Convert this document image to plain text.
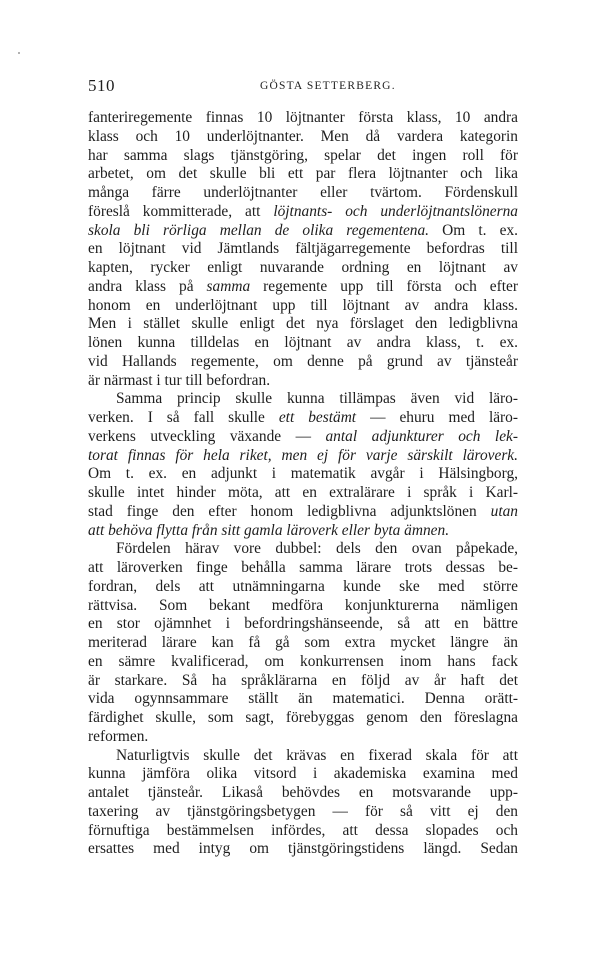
510	GÖSTA SETTERBERG.
fanteriregemente finnas 10 löjtnanter första klass, 10 andra
klass och 10 underlöjtnanter. Men då vardera kategorin
har samma slags tjänstgöring, spelar det ingen roll för
arbetet, om det skulle bli ett par flera löjtnanter och lika
många färre underlöjtnanter eller tvärtom. Fördenskull
föreslå kommitterade, att löjtnants- och underlöjtnantslönerna
skola bli rörliga mellan de olika regementena. Om t. ex.
en löjtnant vid Jämtlands fältjägarregemente befordras till
kapten, rycker enligt nuvarande ordning en löjtnant av
andra klass på samma regemente upp till första och efter
honom en underlöjtnant upp till löjtnant av andra klass.
Men i stället skulle enligt det nya förslaget den ledigblivna
lönen kunna tilldelas en löjtnant av andra klass, t. ex.
vid Hallands regemente, om denne på grund av tjänsteår
är närmast i tur till befordran.
Samma princip skulle kunna tillämpas även vid läro-
verken. I så fall skulle ett bestämt — ehuru med läro-
verkens utveckling växande — antal adjunkturer och lek-
torat finnas för hela riket, men ej för varje särskilt läroverk.
Om t. ex. en adjunkt i matematik avgår i Hälsingborg,
skulle intet hinder möta, att en extralärare i språk i Karl-
stad finge den efter honom ledigblivna adjunktslönen utan
att behöva flytta från sitt gamla läroverk eller byta ämnen.
Fördelen härav vore dubbel: dels den ovan påpekade,
att läroverken finge behålla samma lärare trots dessas be-
fordran, dels att utnämningarna kunde ske med större
rättvisa. Som bekant medföra konjunkturerna nämligen
en stor ojämnhet i befordringshänseende, så att en bättre
meriterad lärare kan få gå som extra mycket längre än
en sämre kvalificerad, om konkurrensen inom hans fack
är starkare. Så ha språklärarna en följd av år haft det
vida ogynnsammare ställt än matematici. Denna orätt-
färdighet skulle, som sagt, förebyggas genom den föreslagna
reformen.
Naturligtvis skulle det krävas en fixerad skala för att
kunna jämföra olika vitsord i akademiska examina med
antalet tjänsteår. Likaså behövdes en motsvarande upp-
taxering av tjänstgöringsbetygen — för så vitt ej den
förnuftiga bestämmelsen infördes, att dessa slopades och
ersattes med intyg om tjänstgöringstidens längd. Sedan
